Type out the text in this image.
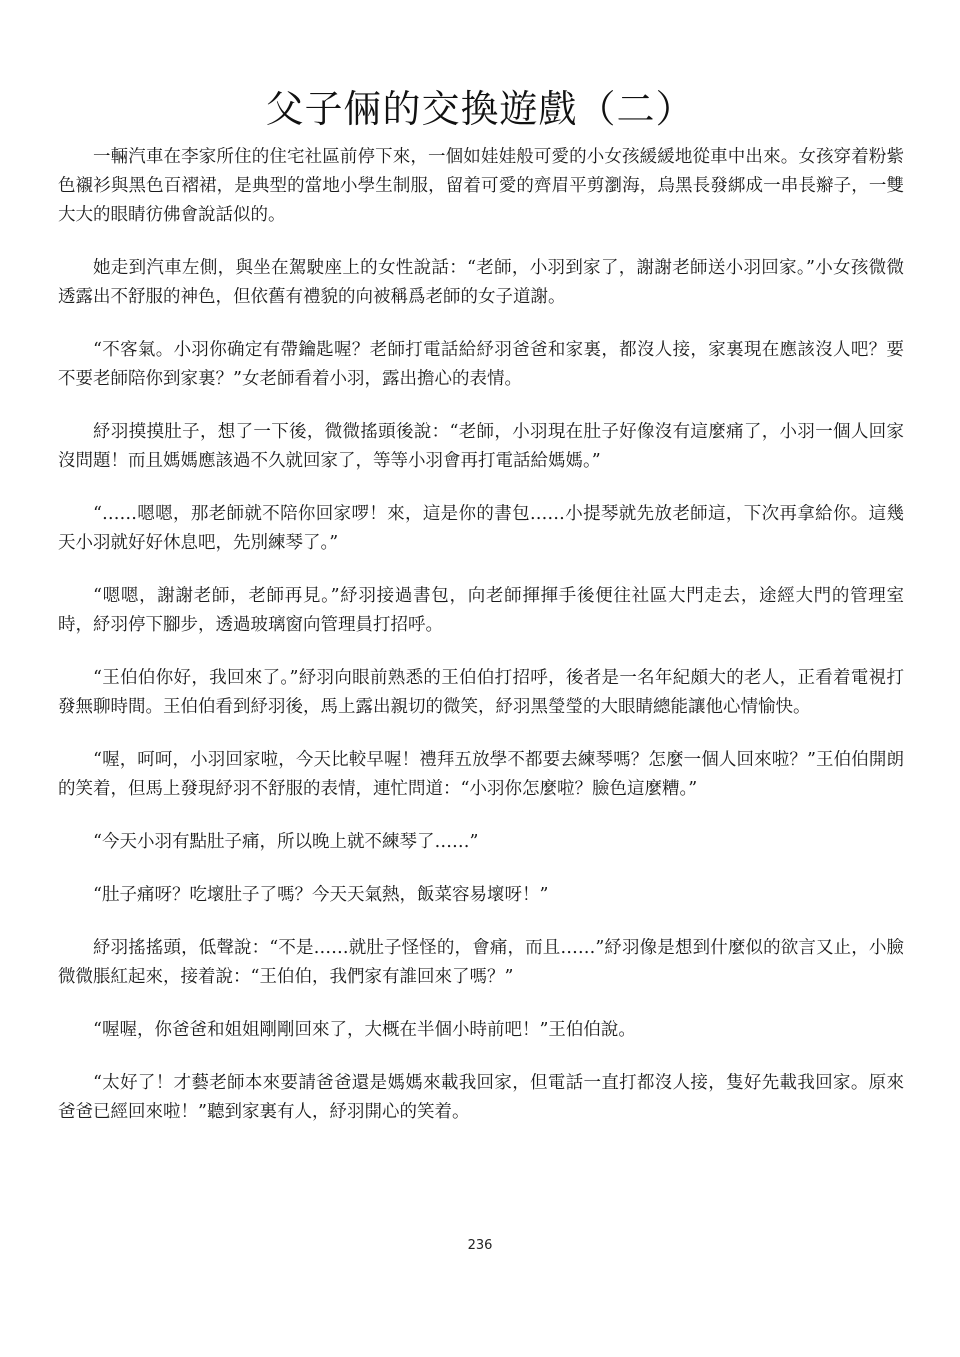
父子倆的交換遊戲（二）

一輛汽車在李家所住的住宅社區前停下來，一個如娃娃般可愛的小女孩緩緩地從車中出來。女孩穿着粉紫色襯衫與黑色百褶裙，是典型的當地小學生制服，留着可愛的齊眉平剪瀏海，烏黑長發綁成一串長辮子，一雙大大的眼睛彷佛會說話似的。

她走到汽車左側，與坐在駕駛座上的女性說話：“老師，小羽到家了，謝謝老師送小羽回家。”小女孩微微透露出不舒服的神色，但依舊有禮貌的向被稱爲老師的女子道謝。

“不客氣。小羽你确定有帶鑰匙喔？老師打電話給紓羽爸爸和家裏，都沒人接，家裏現在應該沒人吧？要不要老師陪你到家裏？”女老師看着小羽，露出擔心的表情。

紓羽摸摸肚子，想了一下後，微微搖頭後說：“老師，小羽現在肚子好像沒有這麼痛了，小羽一個人回家沒問題！而且媽媽應該過不久就回家了，等等小羽會再打電話給媽媽。”

“……嗯嗯，那老師就不陪你回家啰！來，這是你的書包……小提琴就先放老師這，下次再拿給你。這幾天小羽就好好休息吧，先別練琴了。”

“嗯嗯，謝謝老師，老師再見。”紓羽接過書包，向老師揮揮手後便往社區大門走去，途經大門的管理室時，紓羽停下腳步，透過玻璃窗向管理員打招呼。

“王伯伯你好，我回來了。”紓羽向眼前熟悉的王伯伯打招呼，後者是一名年紀頗大的老人，正看着電視打發無聊時間。王伯伯看到紓羽後，馬上露出親切的微笑，紓羽黑瑩瑩的大眼睛總能讓他心情愉快。

“喔，呵呵，小羽回家啦，今天比較早喔！禮拜五放學不都要去練琴嗎？怎麼一個人回來啦？”王伯伯開朗的笑着，但馬上發現紓羽不舒服的表情，連忙問道：“小羽你怎麼啦？臉色這麼糟。”

“今天小羽有點肚子痛，所以晚上就不練琴了……”

“肚子痛呀？吃壞肚子了嗎？今天天氣熱，飯菜容易壞呀！”

紓羽搖搖頭，低聲說：“不是……就肚子怪怪的，會痛，而且……”紓羽像是想到什麼似的欲言又止，小臉微微脹紅起來，接着說：“王伯伯，我們家有誰回來了嗎？”

“喔喔，你爸爸和姐姐剛剛回來了，大概在半個小時前吧！”王伯伯說。

“太好了！才藝老師本來要請爸爸還是媽媽來載我回家，但電話一直打都沒人接，隻好先載我回家。原來爸爸已經回來啦！”聽到家裏有人，紓羽開心的笑着。

236
